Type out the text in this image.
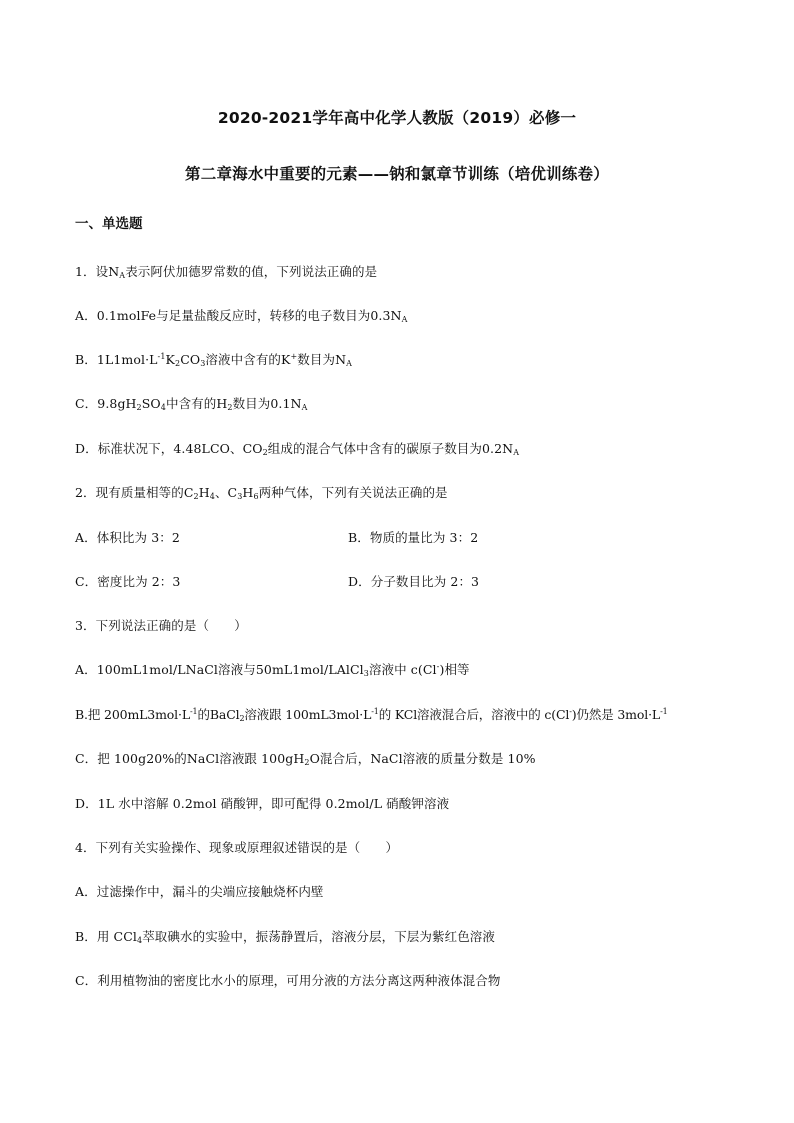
2020-2021学年高中化学人教版（2019）必修一
第二章海水中重要的元素——钠和氯章节训练（培优训练卷）
一、单选题
1．设$N_A$表示阿伏加德罗常数的值，下列说法正确的是
A．0.1molFe与足量盐酸反应时，转移的电子数目为$0.3N_A$
B．$1L1mol\cdot L^{-1}K_2CO_3$溶液中含有的K+数目为$N_A$
C．$9.8gH_2SO_4$中含有的$H_2$数目为$0.1N_A$
D．标准状况下，4.48LCO、$CO_2$组成的混合气体中含有的碳原子数目为$0.2N_A$
2．现有质量相等的$C_2H_4$、$C_3H_6$两种气体，下列有关说法正确的是
A．体积比为 3：2	B．物质的量比为 3：2
C．密度比为 2：3	D．分子数目比为 2：3
3．下列说法正确的是（　　）
A．100mL1mol/LNaCl溶液与50mL1mol/LAlCl$_3$溶液中 c(Cl-)相等
B.把 $200mL3mol\cdot L^{-1}$的BaCl$_2$溶液跟 $100mL3mol\cdot L^{-1}$的 KCl溶液混合后，溶液中的 c(Cl-)仍然是 $3mol\cdot L^{-1}$
C．把 100g20%的NaCl溶液跟 $100gH_2O$混合后，NaCl溶液的质量分数是 10%
D．1L 水中溶解 0.2mol 硝酸钾，即可配得 0.2mol/L 硝酸钾溶液
4．下列有关实验操作、现象或原理叙述错误的是（　　）
A．过滤操作中，漏斗的尖端应接触烧杯内壁
B．用 CCl$_4$萃取碘水的实验中，振荡静置后，溶液分层，下层为紫红色溶液
C．利用植物油的密度比水小的原理，可用分液的方法分离这两种液体混合物
